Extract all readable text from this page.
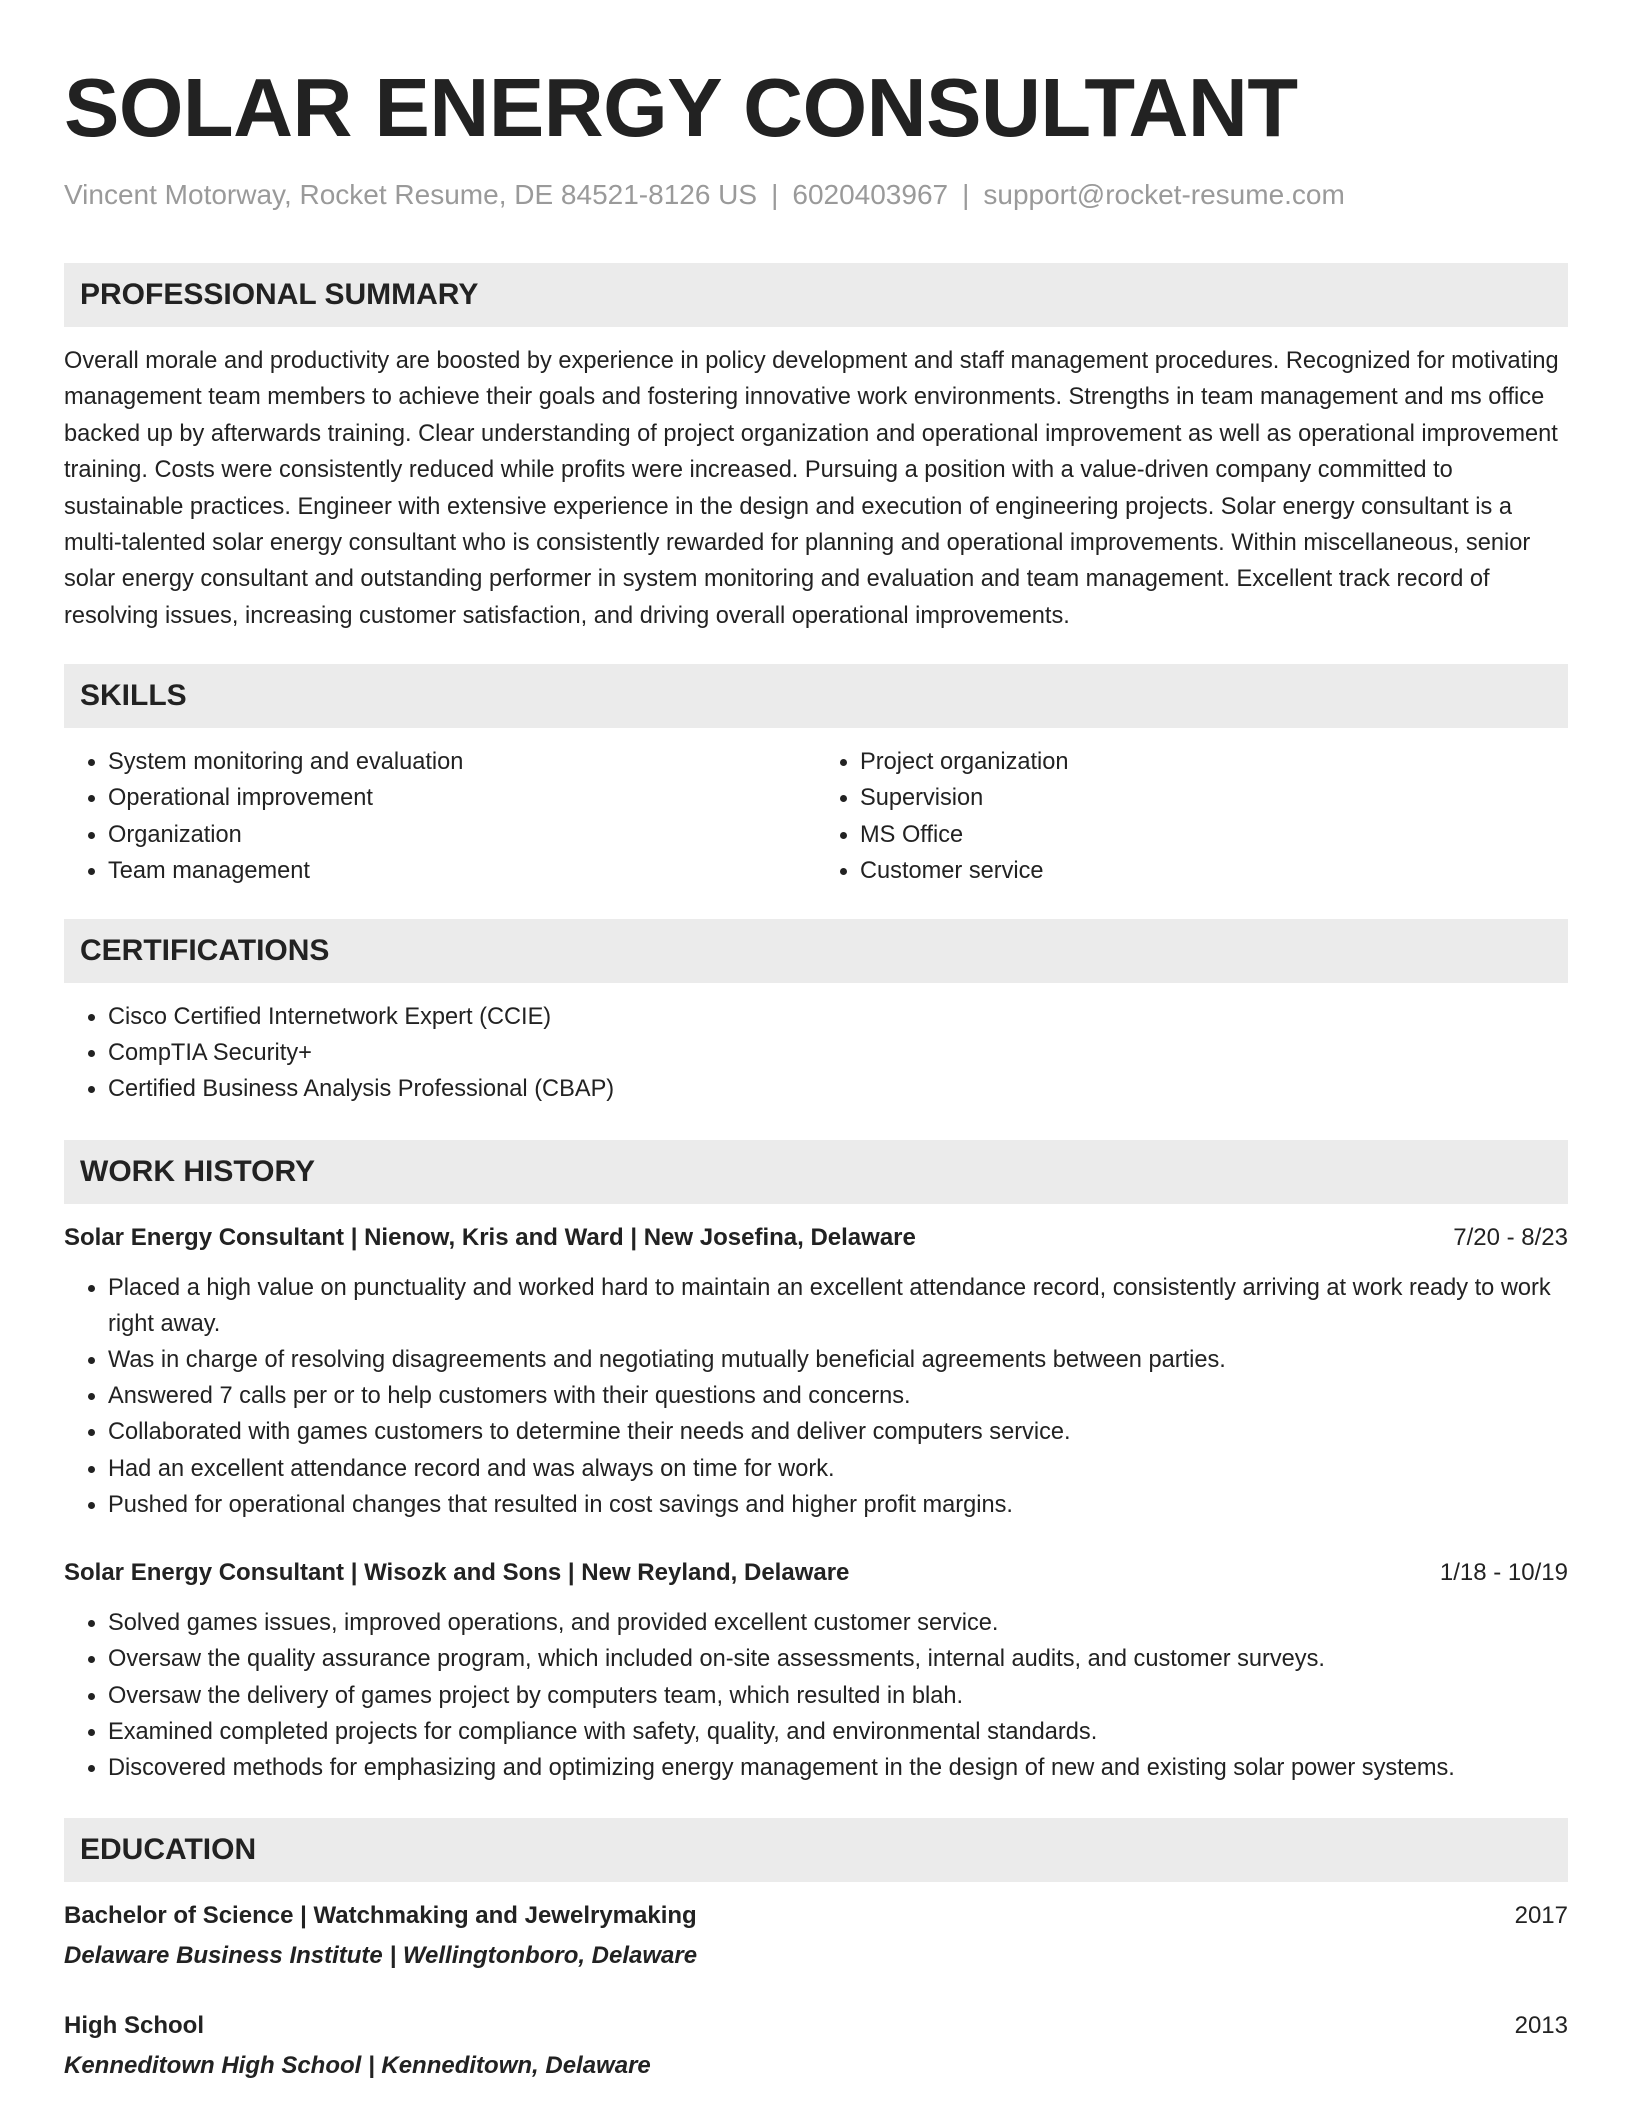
SOLAR ENERGY CONSULTANT
Vincent Motorway, Rocket Resume, DE 84521-8126 US | 6020403967 | support@rocket-resume.com
PROFESSIONAL SUMMARY

Overall morale and productivity are boosted by experience in policy development and staff management procedures. Recognized for motivating management team members to achieve their goals and fostering innovative work environments. Strengths in team management and ms office backed up by afterwards training. Clear understanding of project organization and operational improvement as well as operational improvement training. Costs were consistently reduced while profits were increased. Pursuing a position with a value-driven company committed to sustainable practices. Engineer with extensive experience in the design and execution of engineering projects. Solar energy consultant is a multi-talented solar energy consultant who is consistently rewarded for planning and operational improvements. Within miscellaneous, senior solar energy consultant and outstanding performer in system monitoring and evaluation and team management. Excellent track record of resolving issues, increasing customer satisfaction, and driving overall operational improvements.

SKILLS
• System monitoring and evaluation
• Operational improvement
• Organization
• Team management
• Project organization
• Supervision
• MS Office
• Customer service
CERTIFICATIONS
• Cisco Certified Internetwork Expert (CCIE)
• CompTIA Security+
• Certified Business Analysis Professional (CBAP)
WORK HISTORY
Solar Energy Consultant | Nienow, Kris and Ward | New Josefina, Delaware	7/20 - 8/23
• Placed a high value on punctuality and worked hard to maintain an excellent attendance record, consistently arriving at work ready to work right away.
• Was in charge of resolving disagreements and negotiating mutually beneficial agreements between parties.
• Answered 7 calls per or to help customers with their questions and concerns.
• Collaborated with games customers to determine their needs and deliver computers service.
• Had an excellent attendance record and was always on time for work.
• Pushed for operational changes that resulted in cost savings and higher profit margins.
Solar Energy Consultant | Wisozk and Sons | New Reyland, Delaware	1/18 - 10/19
• Solved games issues, improved operations, and provided excellent customer service.
• Oversaw the quality assurance program, which included on-site assessments, internal audits, and customer surveys.
• Oversaw the delivery of games project by computers team, which resulted in blah.
• Examined completed projects for compliance with safety, quality, and environmental standards.
• Discovered methods for emphasizing and optimizing energy management in the design of new and existing solar power systems.
EDUCATION
Bachelor of Science | Watchmaking and Jewelrymaking	2017
Delaware Business Institute | Wellingtonboro, Delaware
High School	2013
Kenneditown High School | Kenneditown, Delaware
